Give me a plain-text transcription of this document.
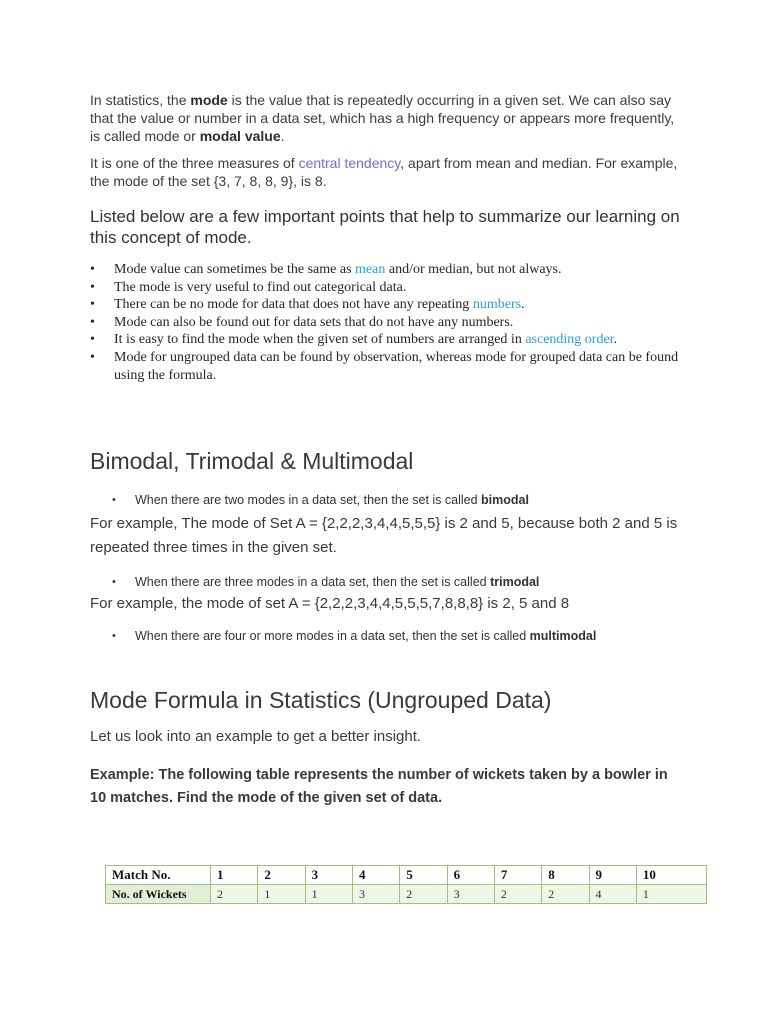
In statistics, the mode is the value that is repeatedly occurring in a given set. We can also say that the value or number in a data set, which has a high frequency or appears more frequently, is called mode or modal value.

It is one of the three measures of central tendency, apart from mean and median. For example, the mode of the set {3, 7, 8, 8, 9}, is 8.

Listed below are a few important points that help to summarize our learning on this concept of mode.

• Mode value can sometimes be the same as mean and/or median, but not always.
• The mode is very useful to find out categorical data.
• There can be no mode for data that does not have any repeating numbers.
• Mode can also be found out for data sets that do not have any numbers.
• It is easy to find the mode when the given set of numbers are arranged in ascending order.
• Mode for ungrouped data can be found by observation, whereas mode for grouped data can be found using the formula.
Bimodal, Trimodal & Multimodal
• When there are two modes in a data set, then the set is called bimodal

For example, The mode of Set A = {2,2,2,3,4,4,5,5,5} is 2 and 5, because both 2 and 5 is repeated three times in the given set.

• When there are three modes in a data set, then the set is called trimodal

For example, the mode of set A = {2,2,2,3,4,4,5,5,5,7,8,8,8} is 2, 5 and 8

• When there are four or more modes in a data set, then the set is called multimodal
Mode Formula in Statistics (Ungrouped Data)

Let us look into an example to get a better insight.

Example: The following table represents the number of wickets taken by a bowler in 10 matches. Find the mode of the given set of data.

Match No.	1	2	3	4	5	6	7	8	9	10
No. of Wickets	2	1	1	3	2	3	2	2	4	1
